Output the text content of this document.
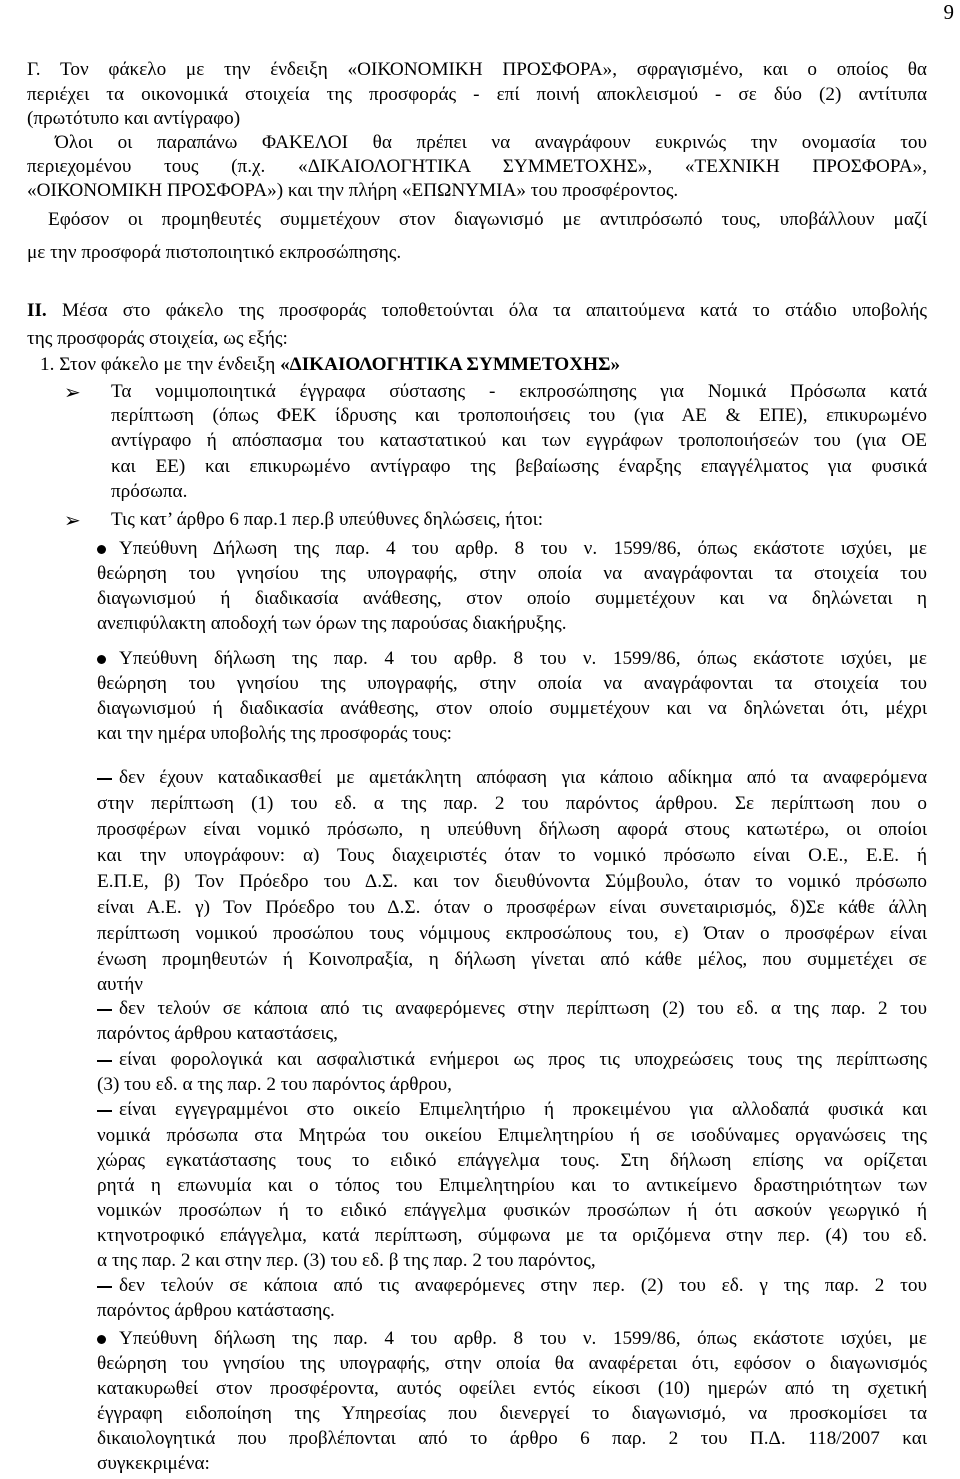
9
Γ. Τον φάκελο με την ένδειξη «ΟΙΚΟΝΟΜΙΚΗ ΠΡΟΣΦΟΡΑ», σφραγισμένο, και ο οποίος θα
περιέχει τα οικονομικά στοιχεία της προσφοράς - επί ποινή αποκλεισμού - σε δύο (2) αντίτυπα
(πρωτότυπο και αντίγραφο)
Όλοι οι παραπάνω ΦΑΚΕΛΟΙ θα πρέπει να αναγράφουν ευκρινώς την ονομασία του
περιεχομένου τους (π.χ. «ΔΙΚΑΙΟΛΟΓΗΤΙΚΑ ΣΥΜΜΕΤΟΧΗΣ», «ΤΕΧΝΙΚΗ ΠΡΟΣΦΟΡΑ»,
«ΟΙΚΟΝΟΜΙΚΗ ΠΡΟΣΦΟΡΑ») και την πλήρη «ΕΠΩΝΥΜΙΑ» του προσφέροντος.
Εφόσον οι προμηθευτές συμμετέχουν στον διαγωνισμό με αντιπρόσωπό τους, υποβάλλουν μαζί
με την προσφορά πιστοποιητικό εκπροσώπησης.
ΙΙ. Μέσα στο φάκελο της προσφοράς τοποθετούνται όλα τα απαιτούμενα κατά το στάδιο υποβολής
της προσφοράς στοιχεία, ως εξής:
1. Στον φάκελο με την ένδειξη «ΔΙΚΑΙΟΛΟΓΗΤΙΚΑ ΣΥΜΜΕΤΟΧΗΣ»
➢ Τα νομιμοποιητικά έγγραφα σύστασης - εκπροσώπησης για Νομικά Πρόσωπα κατά
περίπτωση (όπως ΦΕΚ ίδρυσης και τροποποιήσεις του (για ΑΕ & ΕΠΕ), επικυρωμένο
αντίγραφο ή απόσπασμα του καταστατικού και των εγγράφων τροποποιήσεών του (για ΟΕ
και ΕΕ) και επικυρωμένο αντίγραφο της βεβαίωσης έναρξης επαγγέλματος για φυσικά
πρόσωπα.
➢ Τις κατ’ άρθρο 6 παρ.1 περ.β υπεύθυνες δηλώσεις, ήτοι:
Υπεύθυνη Δήλωση της παρ. 4 του αρθρ. 8 του ν. 1599/86, όπως εκάστοτε ισχύει, με
θεώρηση του γνησίου της υπογραφής, στην οποία να αναγράφονται τα στοιχεία του
διαγωνισμού ή διαδικασία ανάθεσης, στον οποίο συμμετέχουν και να δηλώνεται η
ανεπιφύλακτη αποδοχή των όρων της παρούσας διακήρυξης.
Υπεύθυνη δήλωση της παρ. 4 του αρθρ. 8 του ν. 1599/86, όπως εκάστοτε ισχύει, με
θεώρηση του γνησίου της υπογραφής, στην οποία να αναγράφονται τα στοιχεία του
διαγωνισμού ή διαδικασία ανάθεσης, στον οποίο συμμετέχουν και να δηλώνεται ότι, μέχρι
και την ημέρα υποβολής της προσφοράς τους:
δεν έχουν καταδικασθεί με αμετάκλητη απόφαση για κάποιο αδίκημα από τα αναφερόμενα
στην περίπτωση (1) του εδ. α της παρ. 2 του παρόντος άρθρου. Σε περίπτωση που ο
προσφέρων είναι νομικό πρόσωπο, η υπεύθυνη δήλωση αφορά στους κατωτέρω, οι οποίοι
και την υπογράφουν: α) Τους διαχειριστές όταν το νομικό πρόσωπο είναι Ο.Ε., Ε.Ε. ή
Ε.Π.Ε, β) Τον Πρόεδρο του Δ.Σ. και τον διευθύνοντα Σύμβουλο, όταν το νομικό πρόσωπο
είναι Α.Ε. γ) Τον Πρόεδρο του Δ.Σ. όταν ο προσφέρων είναι συνεταιρισμός, δ)Σε κάθε άλλη
περίπτωση νομικού προσώπου τους νόμιμους εκπροσώπους του, ε) Όταν ο προσφέρων είναι
ένωση προμηθευτών ή Κοινοπραξία, η δήλωση γίνεται από κάθε μέλος, που συμμετέχει σε
αυτήν
δεν τελούν σε κάποια από τις αναφερόμενες στην περίπτωση (2) του εδ. α της παρ. 2 του
παρόντος άρθρου καταστάσεις,
είναι φορολογικά και ασφαλιστικά ενήμεροι ως προς τις υποχρεώσεις τους της περίπτωσης
(3) του εδ. α της παρ. 2 του παρόντος άρθρου,
είναι εγγεγραμμένοι στο οικείο Επιμελητήριο ή προκειμένου για αλλοδαπά φυσικά και
νομικά πρόσωπα στα Μητρώα του οικείου Επιμελητηρίου ή σε ισοδύναμες οργανώσεις της
χώρας εγκατάστασης τους το ειδικό επάγγελμα τους. Στη δήλωση επίσης να ορίζεται
ρητά η επωνυμία και ο τόπος του Επιμελητηρίου και το αντικείμενο δραστηριότητων των
νομικών προσώπων ή το ειδικό επάγγελμα φυσικών προσώπων ή ότι ασκούν γεωργικό ή
κτηνοτροφικό επάγγελμα, κατά περίπτωση, σύμφωνα με τα οριζόμενα στην περ. (4) του εδ.
α της παρ. 2 και στην περ. (3) του εδ. β της παρ. 2 του παρόντος,
δεν τελούν σε κάποια από τις αναφερόμενες στην περ. (2) του εδ. γ της παρ. 2 του
παρόντος άρθρου κατάστασης.
Υπεύθυνη δήλωση της παρ. 4 του αρθρ. 8 του ν. 1599/86, όπως εκάστοτε ισχύει, με
θεώρηση του γνησίου της υπογραφής, στην οποία θα αναφέρεται ότι, εφόσον ο διαγωνισμός
κατακυρωθεί στον προσφέροντα, αυτός οφείλει εντός είκοσι (10) ημερών από τη σχετική
έγγραφη ειδοποίηση της Υπηρεσίας που διενεργεί το διαγωνισμό, να προσκομίσει τα
δικαιολογητικά που προβλέπονται από το άρθρο 6 παρ. 2 του Π.Δ. 118/2007 και
συγκεκριμένα:
